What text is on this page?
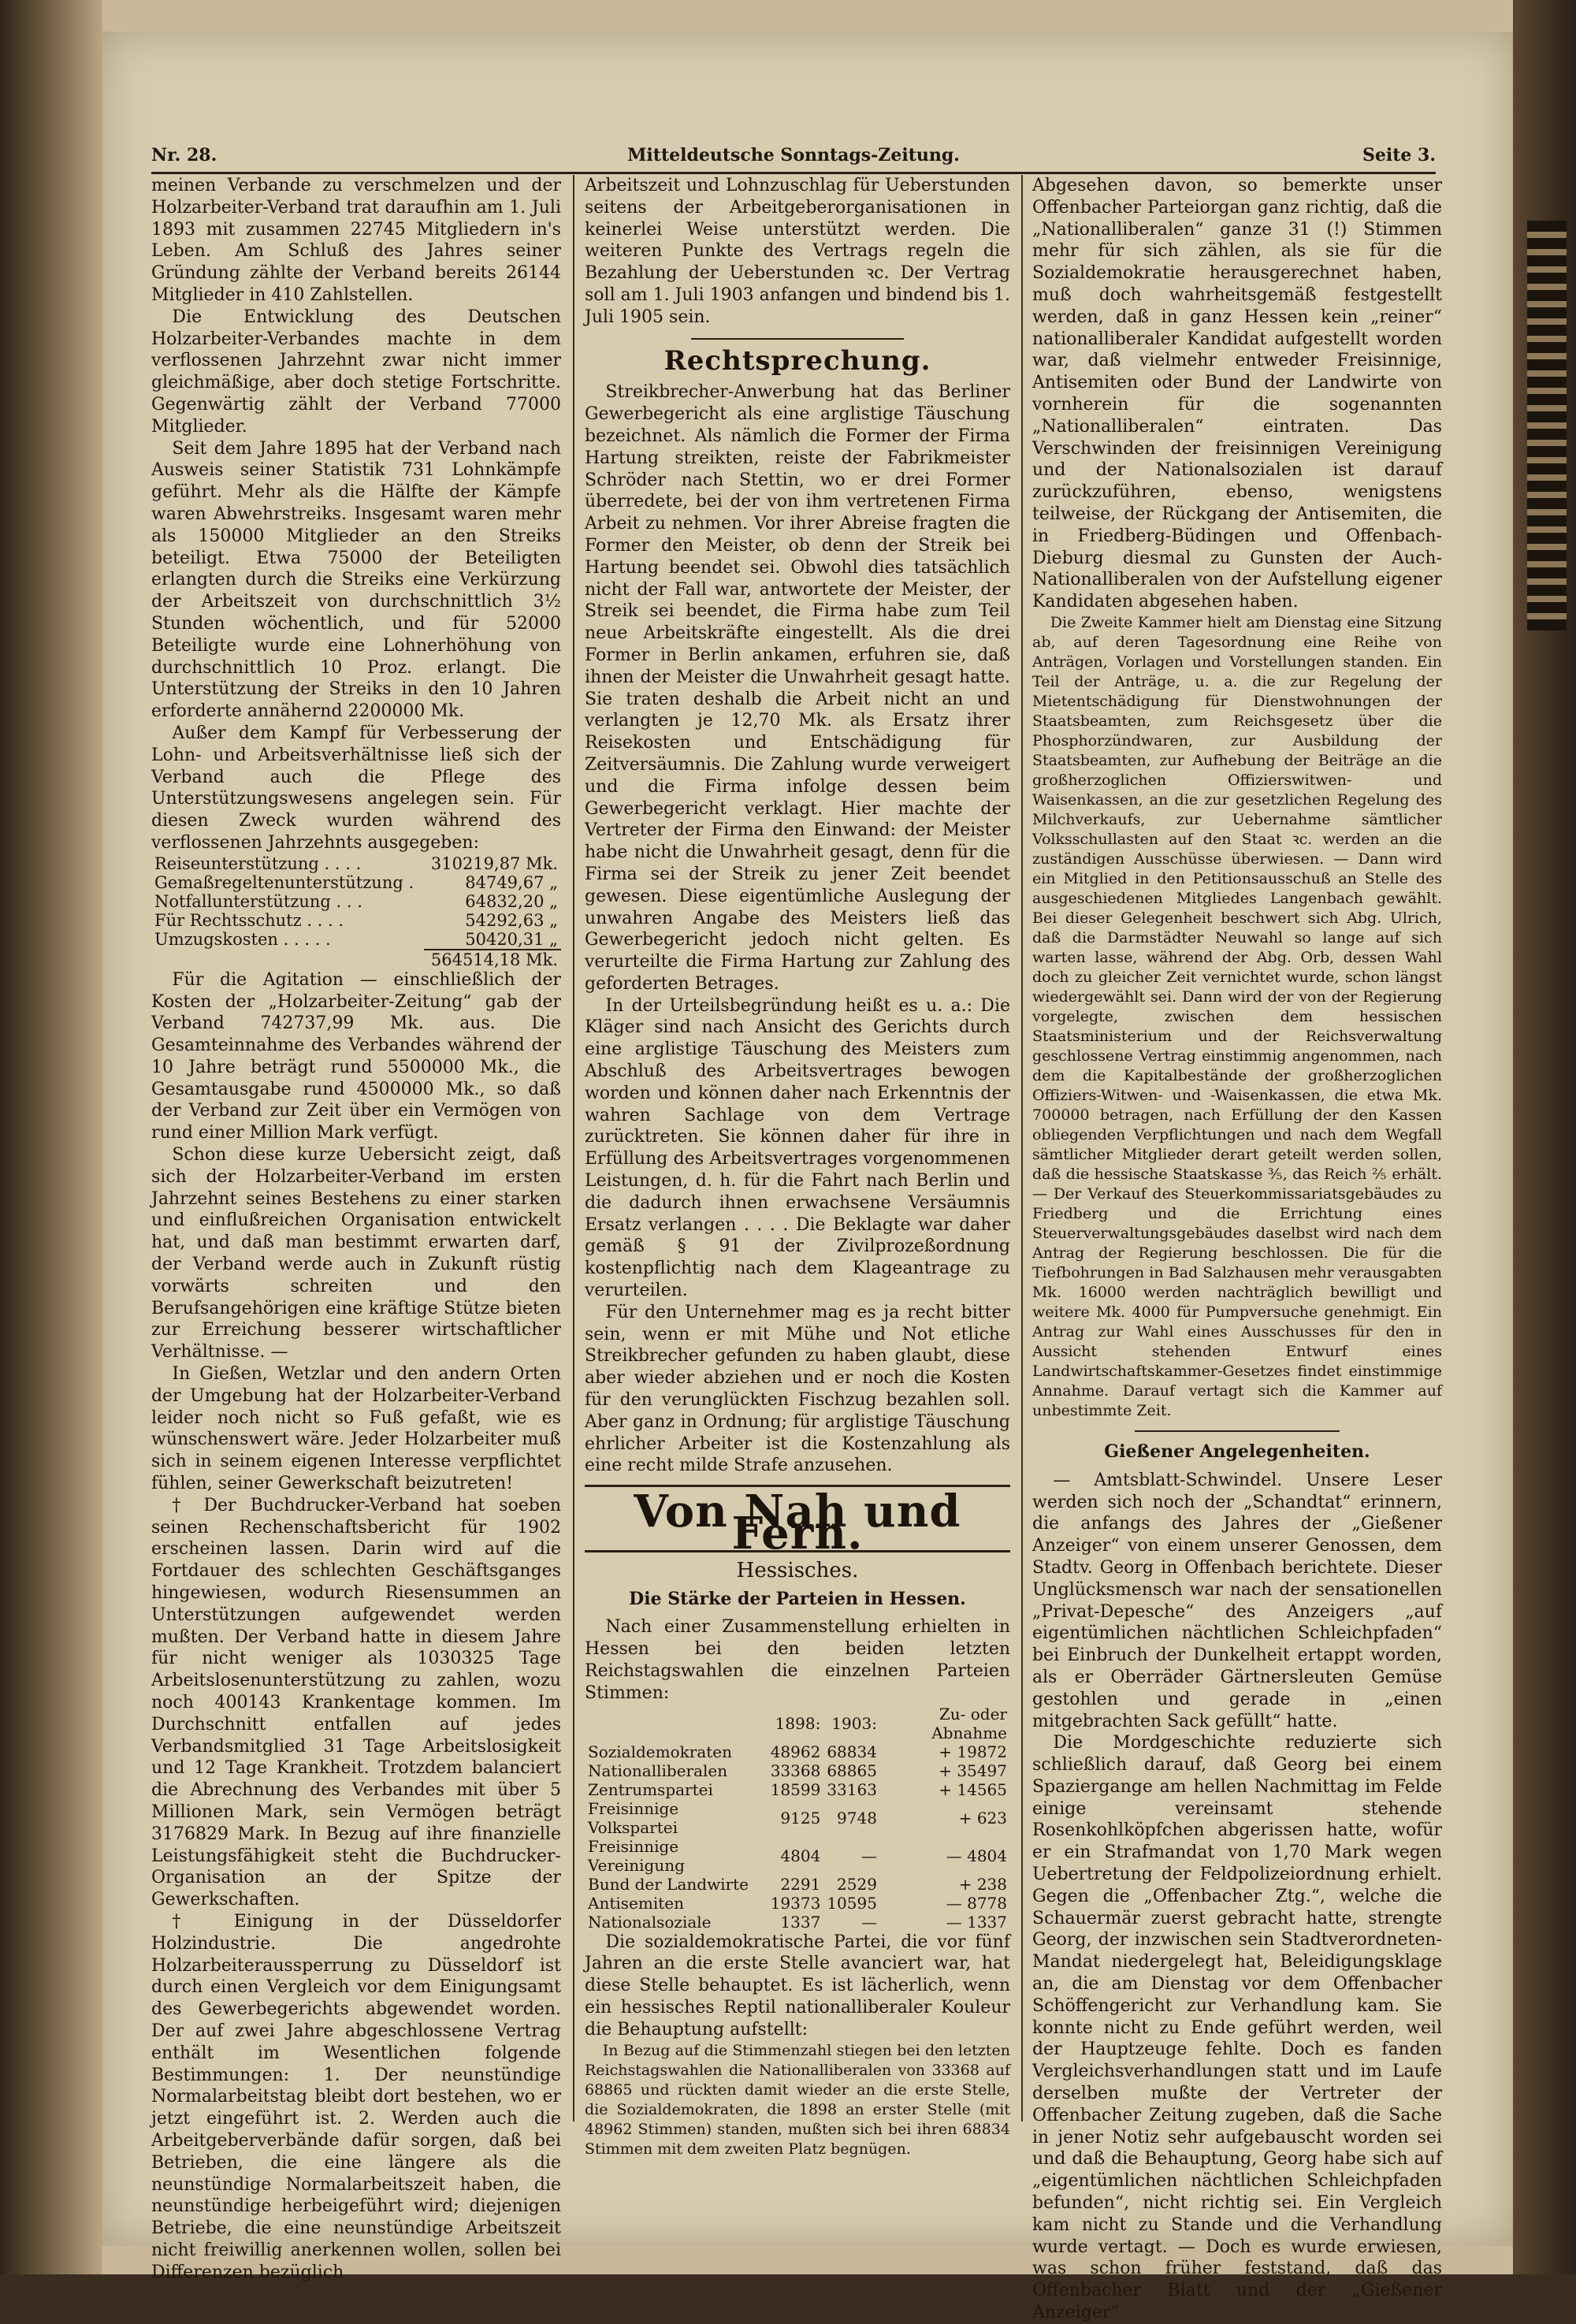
Nr. 28.	Mitteldeutsche Sonntags-Zeitung.	Seite 3.

meinen Verbande zu verschmelzen und der Holzarbeiter-Verband trat daraufhin am 1. Juli 1893 mit zusammen 22745 Mitgliedern in's Leben. Am Schluß des Jahres seiner Gründung zählte der Verband bereits 26144 Mitglieder in 410 Zahlstellen.

Die Entwicklung des Deutschen Holzarbeiter-Verbandes machte in dem verflossenen Jahrzehnt zwar nicht immer gleichmäßige, aber doch stetige Fortschritte. Gegenwärtig zählt der Verband 77000 Mitglieder.

Seit dem Jahre 1895 hat der Verband nach Ausweis seiner Statistik 731 Lohnkämpfe geführt. Mehr als die Hälfte der Kämpfe waren Abwehrstreiks. Insgesamt waren mehr als 150000 Mitglieder an den Streiks beteiligt. Etwa 75000 der Beteiligten erlangten durch die Streiks eine Verkürzung der Arbeitszeit von durchschnittlich 3½ Stunden wöchentlich, und für 52000 Beteiligte wurde eine Lohnerhöhung von durchschnittlich 10 Proz. erlangt. Die Unterstützung der Streiks in den 10 Jahren erforderte annähernd 2200000 Mk.

Außer dem Kampf für Verbesserung der Lohn- und Arbeitsverhältnisse ließ sich der Verband auch die Pflege des Unterstützungswesens angelegen sein. Für diesen Zweck wurden während des verflossenen Jahrzehnts ausgegeben:

Reiseunterstützung . . . .	310219,87 Mk.
Gemaßregeltenunterstützung .	84749,67 „
Notfallunterstützung . . .	64832,20 „
Für Rechtsschutz . . . .	54292,63 „
Umzugskosten . . . . .	50420,31 „
	564514,18 Mk.

Für die Agitation — einschließlich der Kosten der „Holzarbeiter-Zeitung“ gab der Verband 742737,99 Mk. aus. Die Gesamteinnahme des Verbandes während der 10 Jahre beträgt rund 5500000 Mk., die Gesamtausgabe rund 4500000 Mk., so daß der Verband zur Zeit über ein Vermögen von rund einer Million Mark verfügt.

Schon diese kurze Uebersicht zeigt, daß sich der Holzarbeiter-Verband im ersten Jahrzehnt seines Bestehens zu einer starken und einflußreichen Organisation entwickelt hat, und daß man bestimmt erwarten darf, der Verband werde auch in Zukunft rüstig vorwärts schreiten und den Berufsangehörigen eine kräftige Stütze bieten zur Erreichung besserer wirtschaftlicher Verhältnisse. —

In Gießen, Wetzlar und den andern Orten der Umgebung hat der Holzarbeiter-Verband leider noch nicht so Fuß gefaßt, wie es wünschenswert wäre. Jeder Holzarbeiter muß sich in seinem eigenen Interesse verpflichtet fühlen, seiner Gewerkschaft beizutreten!

† Der Buchdrucker-Verband hat soeben seinen Rechenschaftsbericht für 1902 erscheinen lassen. Darin wird auf die Fortdauer des schlechten Geschäftsganges hingewiesen, wodurch Riesensummen an Unterstützungen aufgewendet werden mußten. Der Verband hatte in diesem Jahre für nicht weniger als 1030325 Tage Arbeitslosenunterstützung zu zahlen, wozu noch 400143 Krankentage kommen. Im Durchschnitt entfallen auf jedes Verbandsmitglied 31 Tage Arbeitslosigkeit und 12 Tage Krankheit. Trotzdem balanciert die Abrechnung des Verbandes mit über 5 Millionen Mark, sein Vermögen beträgt 3176829 Mark. In Bezug auf ihre finanzielle Leistungsfähigkeit steht die Buchdrucker-Organisation an der Spitze der Gewerkschaften.

† Einigung in der Düsseldorfer Holzindustrie. Die angedrohte Holzarbeiteraussperrung zu Düsseldorf ist durch einen Vergleich vor dem Einigungsamt des Gewerbegerichts abgewendet worden. Der auf zwei Jahre abgeschlossene Vertrag enthält im Wesentlichen folgende Bestimmungen: 1. Der neunstündige Normalarbeitstag bleibt dort bestehen, wo er jetzt eingeführt ist. 2. Werden auch die Arbeitgeberverbände dafür sorgen, daß bei Betrieben, die eine längere als die neunstündige Normalarbeitszeit haben, die neunstündige herbeigeführt wird; diejenigen Betriebe, die eine neunstündige Arbeitszeit nicht freiwillig anerkennen wollen, sollen bei Differenzen bezüglich

Arbeitszeit und Lohnzuschlag für Ueberstunden seitens der Arbeitgeberorganisationen in keinerlei Weise unterstützt werden. Die weiteren Punkte des Vertrags regeln die Bezahlung der Ueberstunden ꝛc. Der Vertrag soll am 1. Juli 1903 anfangen und bindend bis 1. Juli 1905 sein.

Rechtsprechung.

Streikbrecher-Anwerbung hat das Berliner Gewerbegericht als eine arglistige Täuschung bezeichnet. Als nämlich die Former der Firma Hartung streikten, reiste der Fabrikmeister Schröder nach Stettin, wo er drei Former überredete, bei der von ihm vertretenen Firma Arbeit zu nehmen. Vor ihrer Abreise fragten die Former den Meister, ob denn der Streik bei Hartung beendet sei. Obwohl dies tatsächlich nicht der Fall war, antwortete der Meister, der Streik sei beendet, die Firma habe zum Teil neue Arbeitskräfte eingestellt. Als die drei Former in Berlin ankamen, erfuhren sie, daß ihnen der Meister die Unwahrheit gesagt hatte. Sie traten deshalb die Arbeit nicht an und verlangten je 12,70 Mk. als Ersatz ihrer Reisekosten und Entschädigung für Zeitversäumnis. Die Zahlung wurde verweigert und die Firma infolge dessen beim Gewerbegericht verklagt. Hier machte der Vertreter der Firma den Einwand: der Meister habe nicht die Unwahrheit gesagt, denn für die Firma sei der Streik zu jener Zeit beendet gewesen. Diese eigentümliche Auslegung der unwahren Angabe des Meisters ließ das Gewerbegericht jedoch nicht gelten. Es verurteilte die Firma Hartung zur Zahlung des geforderten Betrages.

In der Urteilsbegründung heißt es u. a.: Die Kläger sind nach Ansicht des Gerichts durch eine arglistige Täuschung des Meisters zum Abschluß des Arbeitsvertrages bewogen worden und können daher nach Erkenntnis der wahren Sachlage von dem Vertrage zurücktreten. Sie können daher für ihre in Erfüllung des Arbeitsvertrages vorgenommenen Leistungen, d. h. für die Fahrt nach Berlin und die dadurch ihnen erwachsene Versäumnis Ersatz verlangen . . . . Die Beklagte war daher gemäß § 91 der Zivilprozeßordnung kostenpflichtig nach dem Klageantrage zu verurteilen.

Für den Unternehmer mag es ja recht bitter sein, wenn er mit Mühe und Not etliche Streikbrecher gefunden zu haben glaubt, diese aber wieder abziehen und er noch die Kosten für den verunglückten Fischzug bezahlen soll. Aber ganz in Ordnung; für arglistige Täuschung ehrlicher Arbeiter ist die Kostenzahlung als eine recht milde Strafe anzusehen.

Von Nah und Fern.
Hessisches.
Die Stärke der Parteien in Hessen.

Nach einer Zusammenstellung erhielten in Hessen bei den beiden letzten Reichstagswahlen die einzelnen Parteien Stimmen:

	1898:	1903:	Zu- oder Abnahme
Sozialdemokraten	48962	68834	+ 19872
Nationalliberalen	33368	68865	+ 35497
Zentrumspartei	18599	33163	+ 14565
Freisinnige Volkspartei	9125	9748	+ 623
Freisinnige Vereinigung	4804	—	— 4804
Bund der Landwirte	2291	2529	+ 238
Antisemiten	19373	10595	— 8778
Nationalsoziale	1337	—	— 1337

Die sozialdemokratische Partei, die vor fünf Jahren an die erste Stelle avanciert war, hat diese Stelle behauptet. Es ist lächerlich, wenn ein hessisches Reptil nationalliberaler Kouleur die Behauptung aufstellt:

In Bezug auf die Stimmenzahl stiegen bei den letzten Reichstagswahlen die Nationalliberalen von 33368 auf 68865 und rückten damit wieder an die erste Stelle, die Sozialdemokraten, die 1898 an erster Stelle (mit 48962 Stimmen) standen, mußten sich bei ihren 68834 Stimmen mit dem zweiten Platz begnügen.

Abgesehen davon, so bemerkte unser Offenbacher Parteiorgan ganz richtig, daß die „Nationalliberalen“ ganze 31 (!) Stimmen mehr für sich zählen, als sie für die Sozialdemokratie herausgerechnet haben, muß doch wahrheitsgemäß festgestellt werden, daß in ganz Hessen kein „reiner“ nationalliberaler Kandidat aufgestellt worden war, daß vielmehr entweder Freisinnige, Antisemiten oder Bund der Landwirte von vornherein für die sogenannten „Nationalliberalen“ eintraten. Das Verschwinden der freisinnigen Vereinigung und der Nationalsozialen ist darauf zurückzuführen, ebenso, wenigstens teilweise, der Rückgang der Antisemiten, die in Friedberg-Büdingen und Offenbach-Dieburg diesmal zu Gunsten der Auch-Nationalliberalen von der Aufstellung eigener Kandidaten abgesehen haben.

Die Zweite Kammer hielt am Dienstag eine Sitzung ab, auf deren Tagesordnung eine Reihe von Anträgen, Vorlagen und Vorstellungen standen. Ein Teil der Anträge, u. a. die zur Regelung der Mietentschädigung für Dienstwohnungen der Staatsbeamten, zum Reichsgesetz über die Phosphorzündwaren, zur Ausbildung der Staatsbeamten, zur Aufhebung der Beiträge an die großherzoglichen Offizierswitwen- und Waisenkassen, an die zur gesetzlichen Regelung des Milchverkaufs, zur Uebernahme sämtlicher Volksschullasten auf den Staat ꝛc. werden an die zuständigen Ausschüsse überwiesen. — Dann wird ein Mitglied in den Petitionsausschuß an Stelle des ausgeschiedenen Mitgliedes Langenbach gewählt. Bei dieser Gelegenheit beschwert sich Abg. Ulrich, daß die Darmstädter Neuwahl so lange auf sich warten lasse, während der Abg. Orb, dessen Wahl doch zu gleicher Zeit vernichtet wurde, schon längst wiedergewählt sei. Dann wird der von der Regierung vorgelegte, zwischen dem hessischen Staatsministerium und der Reichsverwaltung geschlossene Vertrag einstimmig angenommen, nach dem die Kapitalbestände der großherzoglichen Offiziers-Witwen- und -Waisenkassen, die etwa Mk. 700000 betragen, nach Erfüllung der den Kassen obliegenden Verpflichtungen und nach dem Wegfall sämtlicher Mitglieder derart geteilt werden sollen, daß die hessische Staatskasse ⅗, das Reich ⅖ erhält. — Der Verkauf des Steuerkommissariatsgebäudes zu Friedberg und die Errichtung eines Steuerverwaltungsgebäudes daselbst wird nach dem Antrag der Regierung beschlossen. Die für die Tiefbohrungen in Bad Salzhausen mehr verausgabten Mk. 16000 werden nachträglich bewilligt und weitere Mk. 4000 für Pumpversuche genehmigt. Ein Antrag zur Wahl eines Ausschusses für den in Aussicht stehenden Entwurf eines Landwirtschaftskammer-Gesetzes findet einstimmige Annahme. Darauf vertagt sich die Kammer auf unbestimmte Zeit.

Gießener Angelegenheiten.

— Amtsblatt-Schwindel. Unsere Leser werden sich noch der „Schandtat“ erinnern, die anfangs des Jahres der „Gießener Anzeiger“ von einem unserer Genossen, dem Stadtv. Georg in Offenbach berichtete. Dieser Unglücksmensch war nach der sensationellen „Privat-Depesche“ des Anzeigers „auf eigentümlichen nächtlichen Schleichpfaden“ bei Einbruch der Dunkelheit ertappt worden, als er Oberräder Gärtnersleuten Gemüse gestohlen und gerade in „einen mitgebrachten Sack gefüllt“ hatte.

Die Mordgeschichte reduzierte sich schließlich darauf, daß Georg bei einem Spaziergange am hellen Nachmittag im Felde einige vereinsamt stehende Rosenkohlköpfchen abgerissen hatte, wofür er ein Strafmandat von 1,70 Mark wegen Uebertretung der Feldpolizeiordnung erhielt. Gegen die „Offenbacher Ztg.“, welche die Schauermär zuerst gebracht hatte, strengte Georg, der inzwischen sein Stadtverordneten-Mandat niedergelegt hat, Beleidigungsklage an, die am Dienstag vor dem Offenbacher Schöffengericht zur Verhandlung kam. Sie konnte nicht zu Ende geführt werden, weil der Hauptzeuge fehlte. Doch es fanden Vergleichsverhandlungen statt und im Laufe derselben mußte der Vertreter der Offenbacher Zeitung zugeben, daß die Sache in jener Notiz sehr aufgebauscht worden sei und daß die Behauptung, Georg habe sich auf „eigentümlichen nächtlichen Schleichpfaden befunden“, nicht richtig sei. Ein Vergleich kam nicht zu Stande und die Verhandlung wurde vertagt. — Doch es wurde erwiesen, was schon früher feststand, daß das Offenbacher Blatt und der „Gießener Anzeiger“
